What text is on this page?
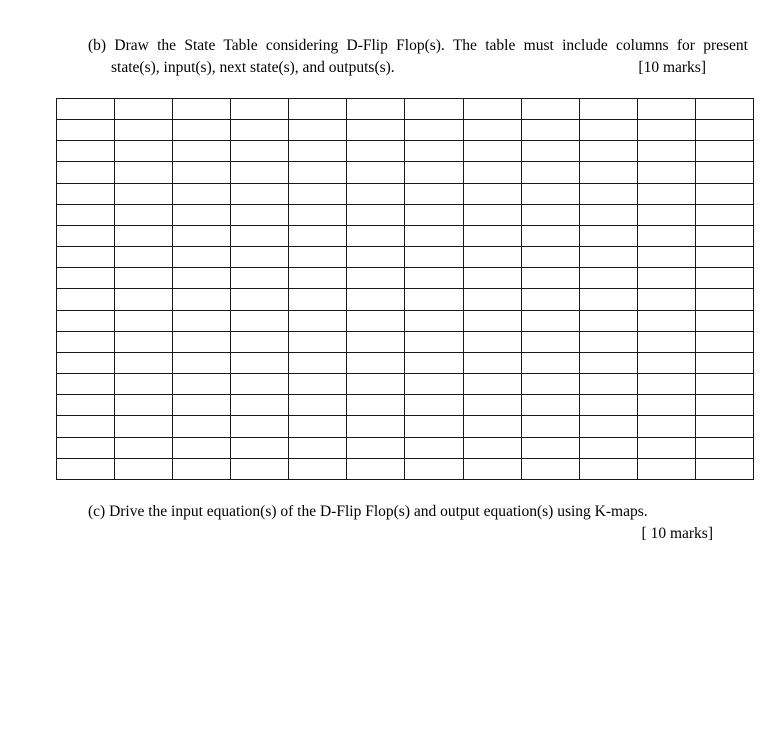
(b) Draw the State Table considering D-Flip Flop(s). The table must include columns for present
state(s), input(s), next state(s), and outputs(s).	[10 marks]

(c) Drive the input equation(s) of the D-Flip Flop(s) and output equation(s) using K-maps.
[ 10 marks]
